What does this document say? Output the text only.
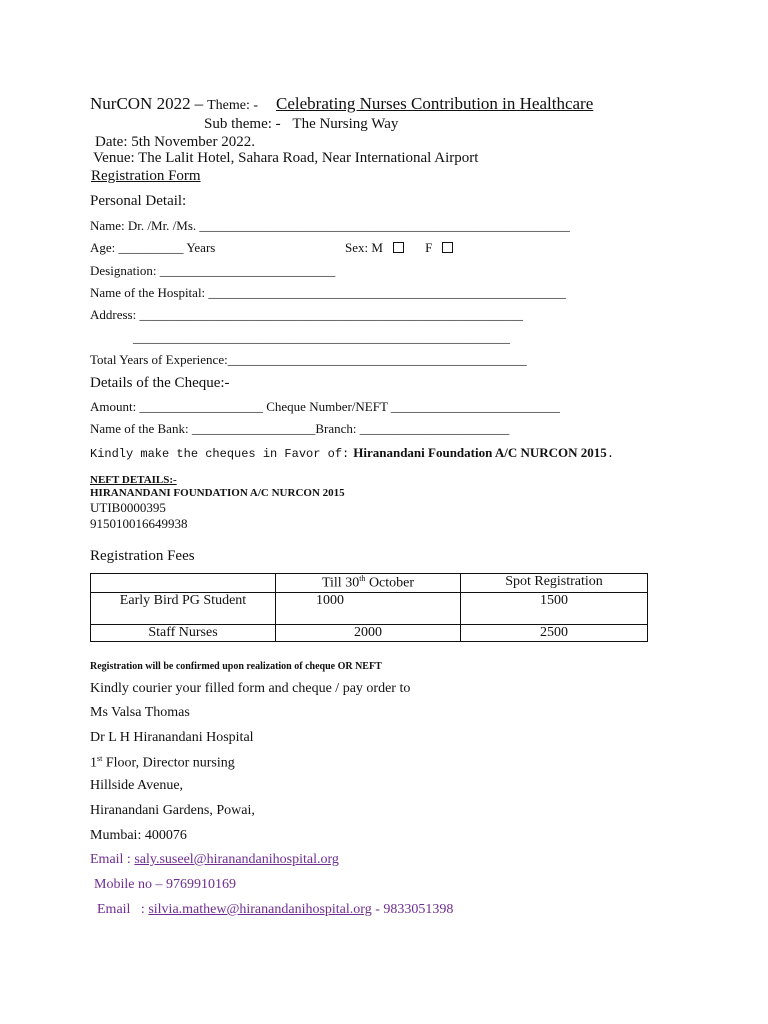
NurCON 2022 – Theme: - Celebrating Nurses Contribution in Healthcare
Sub theme: - The Nursing Way
Date: 5th November 2022.
Venue: The Lalit Hotel, Sahara Road, Near International Airport
Registration Form
Personal Detail:
Name: Dr. /Mr. /Ms. _________________________________________________________
Age: __________ Years	Sex: M	F
Designation: ___________________________
Name of the Hospital: _______________________________________________________
Address: ___________________________________________________________
__________________________________________________________
Total Years of Experience:______________________________________________
Details of the Cheque:-
Amount: ___________________ Cheque Number/NEFT __________________________
Name of the Bank: ___________________Branch: _______________________
Kindly make the cheques in Favor of: Hiranandani Foundation A/C NURCON 2015.
NEFT DETAILS:-
HIRANANDANI FOUNDATION A/C NURCON 2015
UTIB0000395
915010016649938
Registration Fees
	Till 30th October	Spot Registration
Early Bird PG Student	1000	1500
Staff Nurses	2000	2500
Registration will be confirmed upon realization of cheque OR NEFT
Kindly courier your filled form and cheque / pay order to
Ms Valsa Thomas
Dr L H Hiranandani Hospital
1st Floor, Director nursing
Hillside Avenue,
Hiranandani Gardens, Powai,
Mumbai: 400076
Email : saly.suseel@hiranandanihospital.org
Mobile no – 9769910169
Email   : silvia.mathew@hiranandanihospital.org - 9833051398
